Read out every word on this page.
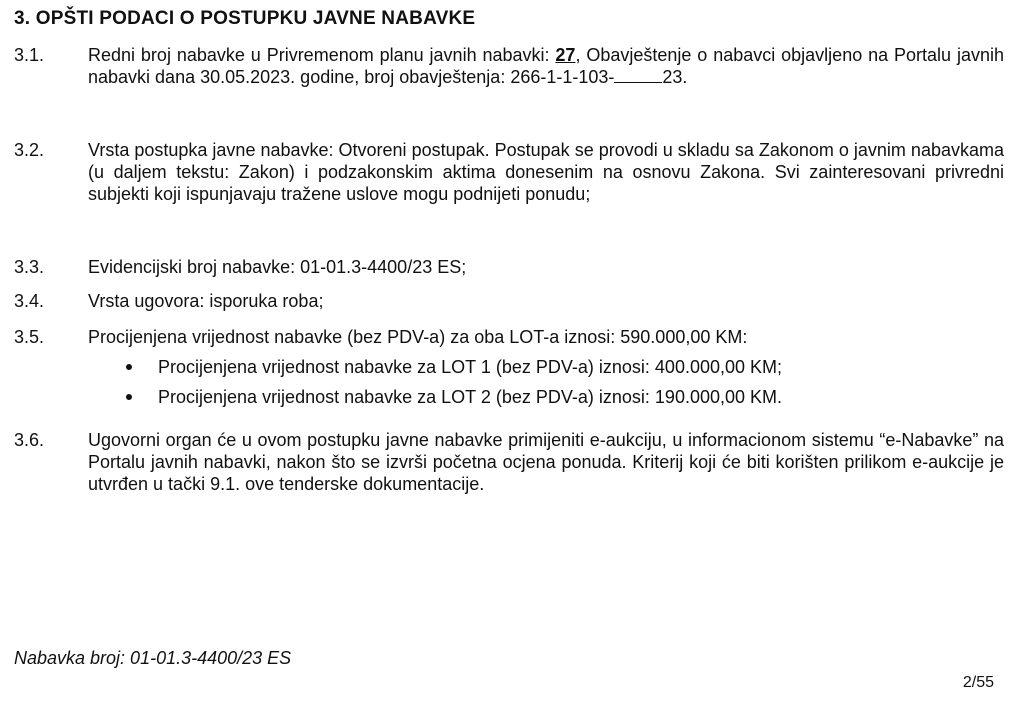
3. OPŠTI PODACI O POSTUPKU JAVNE NABAVKE
3.1. Redni broj nabavke u Privremenom planu javnih nabavki: 27, Obavještenje o nabavci objavljeno na Portalu javnih nabavki dana 30.05.2023. godine, broj obavještenja: 266-1-1-103-	23.
3.2. Vrsta postupka javne nabavke: Otvoreni postupak. Postupak se provodi u skladu sa Zakonom o javnim nabavkama (u daljem tekstu: Zakon) i podzakonskim aktima donesenim na osnovu Zakona. Svi zainteresovani privredni subjekti koji ispunjavaju tražene uslove mogu podnijeti ponudu;
3.3. Evidencijski broj nabavke: 01-01.3-4400/23 ES;
3.4. Vrsta ugovora: isporuka roba;
3.5. Procijenjena vrijednost nabavke (bez PDV-a) za oba LOT-a iznosi: 590.000,00 KM:
Procijenjena vrijednost nabavke za LOT 1 (bez PDV-a) iznosi: 400.000,00 KM;
Procijenjena vrijednost nabavke za LOT 2 (bez PDV-a) iznosi: 190.000,00 KM.
3.6. Ugovorni organ će u ovom postupku javne nabavke primijeniti e-aukciju, u informacionom sistemu “e-Nabavke” na Portalu javnih nabavki, nakon što se izvrši početna ocjena ponuda. Kriterij koji će biti korišten prilikom e-aukcije je utvrđen u tački 9.1. ove tenderske dokumentacije.
Nabavka broj: 01-01.3-4400/23 ES
2/55
